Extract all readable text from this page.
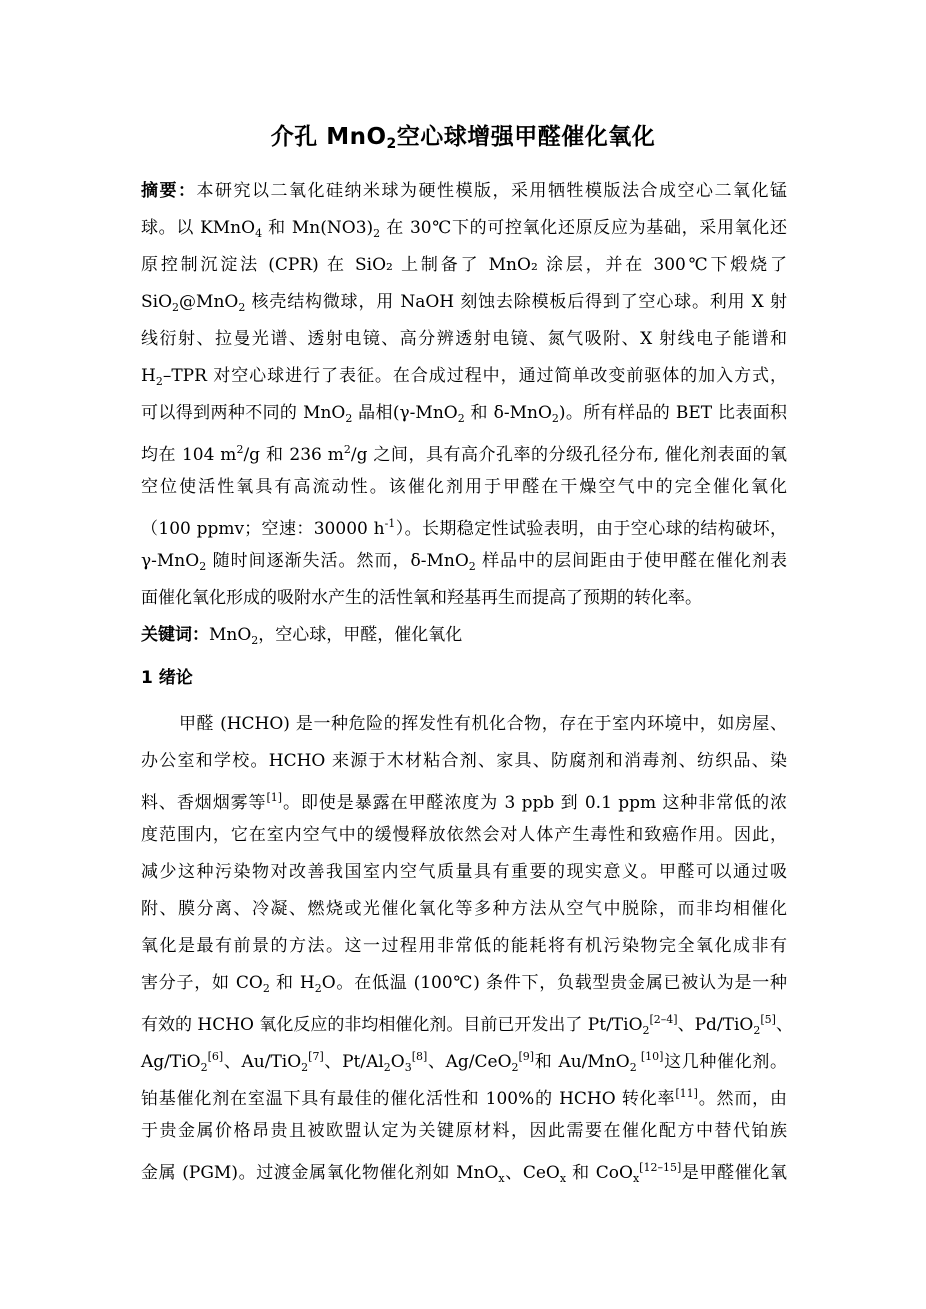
介孔 MnO$_2$空心球增强甲醛催化氧化
摘要：本研究以二氧化硅纳米球为硬性模版，采用牺牲模版法合成空心二氧化锰
球。以 KMnO$_4$ 和 $Mn(NO3)_2$ 在 30℃下的可控氧化还原反应为基础，采用氧化还
原控制沉淀法 (CPR) 在 SiO₂ 上制备了 MnO₂ 涂层，并在 300℃下煅烧了
SiO$_2$@MnO$_2$ 核壳结构微球，用 NaOH 刻蚀去除模板后得到了空心球。利用 X 射
线衍射、拉曼光谱、透射电镜、高分辨透射电镜、氮气吸附、X 射线电子能谱和
$H_2$–TPR 对空心球进行了表征。在合成过程中，通过简单改变前驱体的加入方式，
可以得到两种不同的 MnO$_2$ 晶相(γ-MnO$_2$ 和 δ-MnO$_2$)。所有样品的 BET 比表面积
均在 104 $m^2/g$ 和 236 $m^2/g$ 之间，具有高介孔率的分级孔径分布, 催化剂表面的氧
空位使活性氧具有高流动性。该催化剂用于甲醛在干燥空气中的完全催化氧化
（100 ppmv；空速：30000 $h^{-1}$）。长期稳定性试验表明，由于空心球的结构破坏，
γ-MnO$_2$ 随时间逐渐失活。然而，δ-MnO$_2$ 样品中的层间距由于使甲醛在催化剂表
面催化氧化形成的吸附水产生的活性氧和羟基再生而提高了预期的转化率。
关键词：MnO$_2$，空心球，甲醛，催化氧化
1 绪论
甲醛 (HCHO) 是一种危险的挥发性有机化合物，存在于室内环境中，如房屋、
办公室和学校。HCHO 来源于木材粘合剂、家具、防腐剂和消毒剂、纺织品、染
料、香烟烟雾等[1]。即使是暴露在甲醛浓度为 3 ppb 到 0.1 ppm 这种非常低的浓
度范围内，它在室内空气中的缓慢释放依然会对人体产生毒性和致癌作用。因此，
减少这种污染物对改善我国室内空气质量具有重要的现实意义。甲醛可以通过吸
附、膜分离、冷凝、燃烧或光催化氧化等多种方法从空气中脱除，而非均相催化
氧化是最有前景的方法。这一过程用非常低的能耗将有机污染物完全氧化成非有
害分子，如 $CO_2$ 和 $H_2O$。在低温 (100℃) 条件下，负载型贵金属已被认为是一种
有效的 HCHO 氧化反应的非均相催化剂。目前已开发出了 Pt/TiO$_2$[2–4]、Pd/TiO$_2$[5]、
Ag/TiO$_2$[6]、Au/TiO$_2$[7]、$Pt/Al_2O_3[8]$、Ag/CeO$_2$[9]和 Au/MnO$_2$ [10]这几种催化剂。
铂基催化剂在室温下具有最佳的催化活性和 100%的 HCHO 转化率[11]。然而，由
于贵金属价格昂贵且被欧盟认定为关键原材料，因此需要在催化配方中替代铂族
金属 (PGM)。过渡金属氧化物催化剂如 MnO$_x$、CeO$_x$ 和 CoO$_x$[12–15]是甲醛催化氧
